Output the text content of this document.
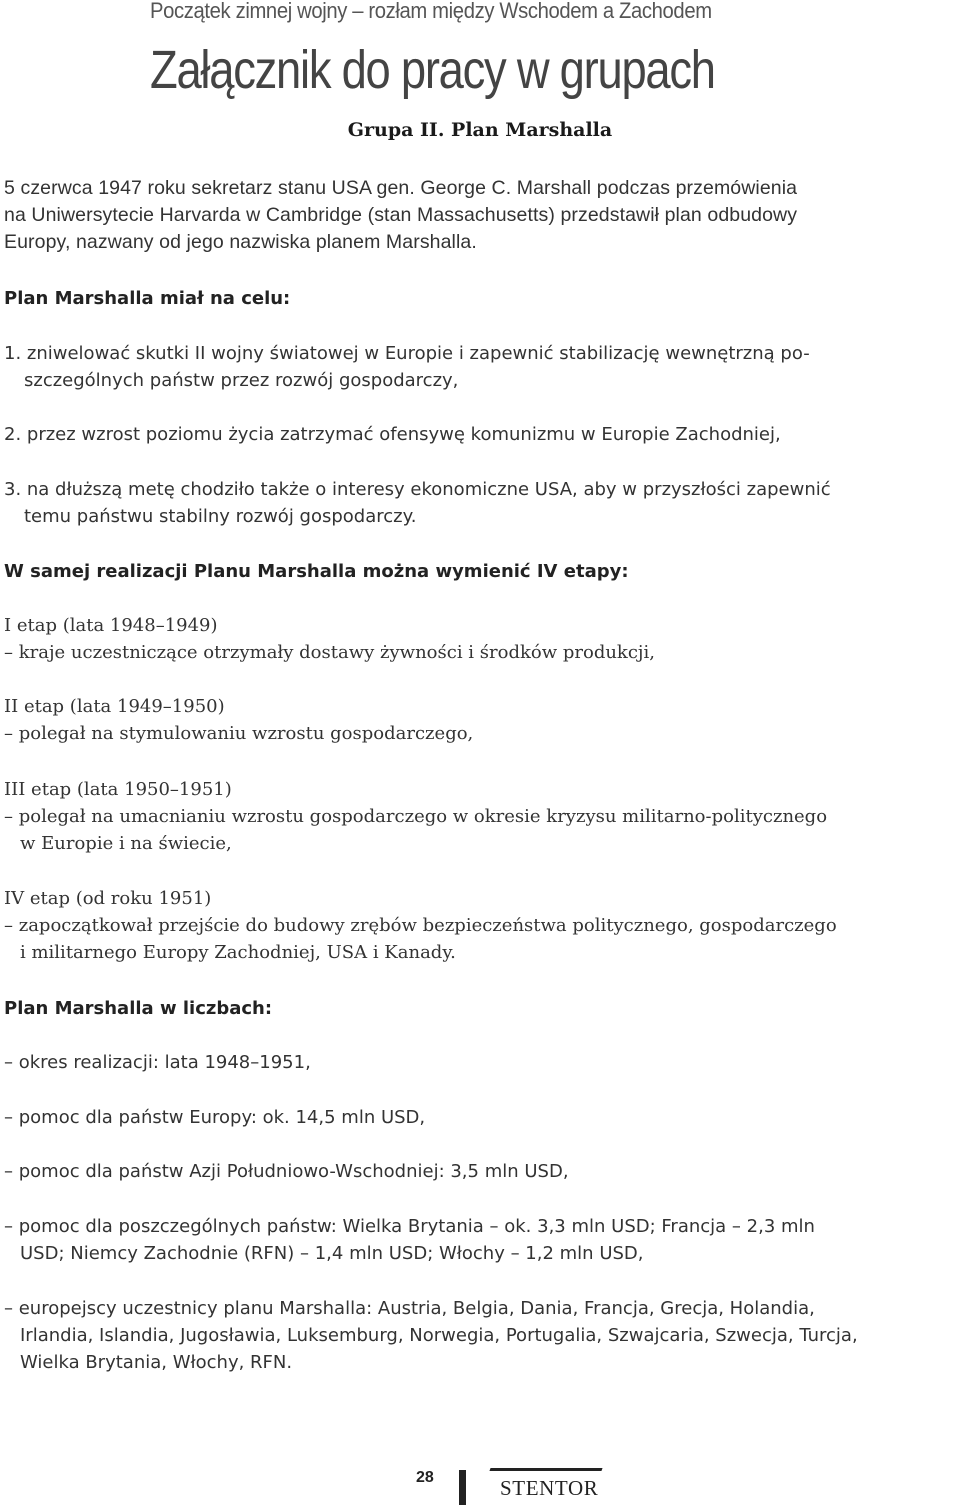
Początek zimnej wojny – rozłam między Wschodem a Zachodem
Załącznik do pracy w grupach
Grupa II. Plan Marshalla
5 czerwca 1947 roku sekretarz stanu USA gen. George C. Marshall podczas przemówienia
na Uniwersytecie Harvarda w Cambridge (stan Massachusetts) przedstawił plan odbudowy
Europy, nazwany od jego nazwiska planem Marshalla.
Plan Marshalla miał na celu:
1. zniwelować skutki II wojny światowej w Europie i zapewnić stabilizację wewnętrzną po-
szczególnych państw przez rozwój gospodarczy,
2. przez wzrost poziomu życia zatrzymać ofensywę komunizmu w Europie Zachodniej,
3. na dłuższą metę chodziło także o interesy ekonomiczne USA, aby w przyszłości zapewnić
temu państwu stabilny rozwój gospodarczy.
W samej realizacji Planu Marshalla można wymienić IV etapy:
I etap (lata 1948–1949)
– kraje uczestniczące otrzymały dostawy żywności i środków produkcji,
II etap (lata 1949–1950)
– polegał na stymulowaniu wzrostu gospodarczego,
III etap (lata 1950–1951)
– polegał na umacnianiu wzrostu gospodarczego w okresie kryzysu militarno-politycznego
w Europie i na świecie,
IV etap (od roku 1951)
– zapoczątkował przejście do budowy zrębów bezpieczeństwa politycznego, gospodarczego
i militarnego Europy Zachodniej, USA i Kanady.
Plan Marshalla w liczbach:
– okres realizacji: lata 1948–1951,
– pomoc dla państw Europy: ok. 14,5 mln USD,
– pomoc dla państw Azji Południowo-Wschodniej: 3,5 mln USD,
– pomoc dla poszczególnych państw: Wielka Brytania – ok. 3,3 mln USD; Francja – 2,3 mln
USD; Niemcy Zachodnie (RFN) – 1,4 mln USD; Włochy – 1,2 mln USD,
– europejscy uczestnicy planu Marshalla: Austria, Belgia, Dania, Francja, Grecja, Holandia,
Irlandia, Islandia, Jugosławia, Luksemburg, Norwegia, Portugalia, Szwajcaria, Szwecja, Turcja,
Wielka Brytania, Włochy, RFN.
28	STENTOR
